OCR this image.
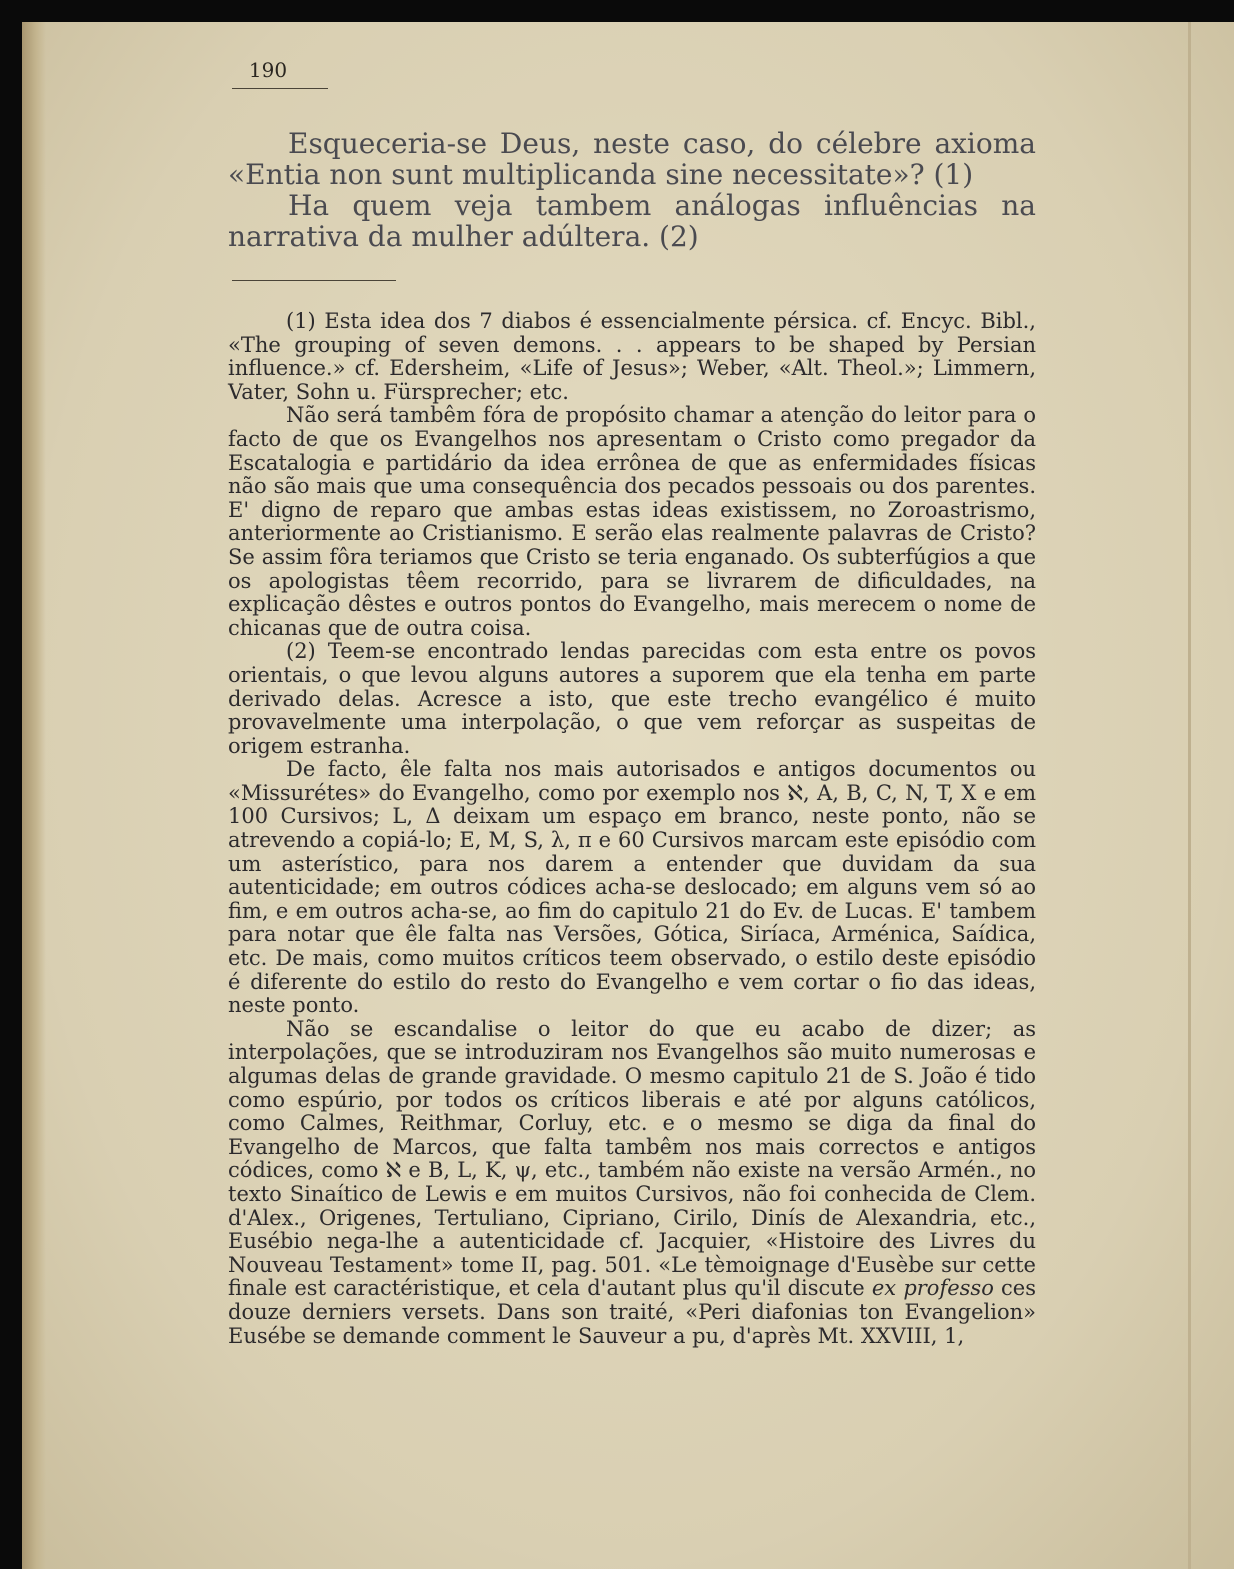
190

Esqueceria-se Deus, neste caso, do célebre axioma «Entia non sunt multiplicanda sine necessitate»? (1)

Ha quem veja tambem análogas influências na narrativa da mulher adúltera. (2)

(1) Esta idea dos 7 diabos é essencialmente pérsica. cf. Encyc. Bibl., «The grouping of seven demons. . . appears to be shaped by Persian influence.» cf. Edersheim, «Life of Jesus»; Weber, «Alt. Theol.»; Limmern, Vater, Sohn u. Fürsprecher; etc.

Não será tambêm fóra de propósito chamar a atenção do leitor para o facto de que os Evangelhos nos apresentam o Cristo como pregador da Escatalogia e partidário da idea errônea de que as enfermidades físicas não são mais que uma consequência dos pecados pessoais ou dos parentes. E' digno de reparo que ambas estas ideas existissem, no Zoroastrismo, anteriormente ao Cristianismo. E serão elas realmente palavras de Cristo? Se assim fôra teriamos que Cristo se teria enganado. Os subterfúgios a que os apologistas têem recorrido, para se livrarem de dificuldades, na explicação dêstes e outros pontos do Evangelho, mais merecem o nome de chicanas que de outra coisa.

(2) Teem-se encontrado lendas parecidas com esta entre os povos orientais, o que levou alguns autores a suporem que ela tenha em parte derivado delas. Acresce a isto, que este trecho evangélico é muito provavelmente uma interpolação, o que vem reforçar as suspeitas de origem estranha.

De facto, êle falta nos mais autorisados e antigos documentos ou «Missurétes» do Evangelho, como por exemplo nos ℵ, A, B, C, N, T, X e em 100 Cursivos; L, Δ deixam um espaço em branco, neste ponto, não se atrevendo a copiá-lo; E, M, S, λ, π e 60 Cursivos marcam este episódio com um asterístico, para nos darem a entender que duvidam da sua autenticidade; em outros códices acha-se deslocado; em alguns vem só ao fim, e em outros acha-se, ao fim do capitulo 21 do Ev. de Lucas. E' tambem para notar que êle falta nas Versões, Gótica, Siríaca, Arménica, Saídica, etc. De mais, como muitos críticos teem observado, o estilo deste episódio é diferente do estilo do resto do Evangelho e vem cortar o fio das ideas, neste ponto.

Não se escandalise o leitor do que eu acabo de dizer; as interpolações, que se introduziram nos Evangelhos são muito numerosas e algumas delas de grande gravidade. O mesmo capitulo 21 de S. João é tido como espúrio, por todos os críticos liberais e até por alguns católicos, como Calmes, Reithmar, Corluy, etc. e o mesmo se diga da final do Evangelho de Marcos, que falta tambêm nos mais correctos e antigos códices, como ℵ e B, L, K, ψ, etc., também não existe na versão Armén., no texto Sinaítico de Lewis e em muitos Cursivos, não foi conhecida de Clem. d'Alex., Origenes, Tertuliano, Cipriano, Cirilo, Dinís de Alexandria, etc., Eusébio nega-lhe a autenticidade cf. Jacquier, «Histoire des Livres du Nouveau Testament» tome II, pag. 501. «Le tèmoignage d'Eusèbe sur cette finale est caractéristique, et cela d'autant plus qu'il discute ex professo ces douze derniers versets. Dans son traité, «Peri diafonias ton Evangelion» Eusébe se demande comment le Sauveur a pu, d'après Mt. XXVIII, 1,
